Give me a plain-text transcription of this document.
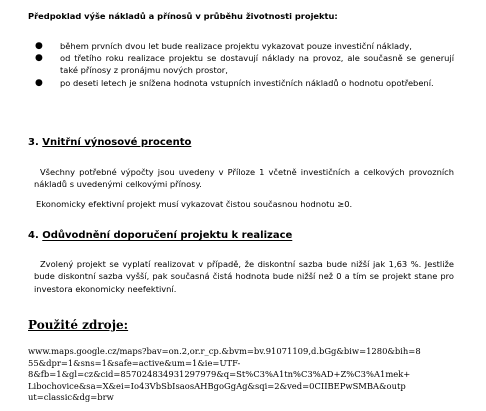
Předpoklad výše nákladů a přínosů v průběhu životnosti projektu:
● během prvních dvou let bude realizace projektu vykazovat pouze investiční náklady,
● od třetího roku realizace projektu se dostavují náklady na provoz, ale současně se generují také přínosy z pronájmu nových prostor,
● po deseti letech je snížena hodnota vstupních investičních nákladů o hodnotu opotřebení.
3. Vnitřní výnosové procento
Všechny potřebné výpočty jsou uvedeny v Příloze 1 včetně investičních a celkových provozních nákladů s uvedenými celkovými přínosy.
Ekonomicky efektivní projekt musí vykazovat čistou současnou hodnotu ≥0.
4. Odůvodnění doporučení projektu k realizace
Zvolený projekt se vyplatí realizovat v případě, že diskontní sazba bude nižší jak 1,63 %. Jestliže bude diskontní sazba vyšší, pak současná čistá hodnota bude nižší než 0 a tím se projekt stane pro investora ekonomicky neefektivní.
Použité zdroje:
www.maps.google.cz/maps?bav=on.2,or.r_cp.&bvm=bv.91071109,d.bGg&biw=1280&bih=8
55&dpr=1&sns=1&safe=active&um=1&ie=UTF-
8&fb=1&gl=cz&cid=857024834931297979&q=St%C3%A1tn%C3%AD+Z%C3%A1mek+
Libochovice&sa=X&ei=Io43VbSbIsaosAHBgoGgAg&sqi=2&ved=0CIIBEPwSMBA&outp
ut=classic&dg=brw
